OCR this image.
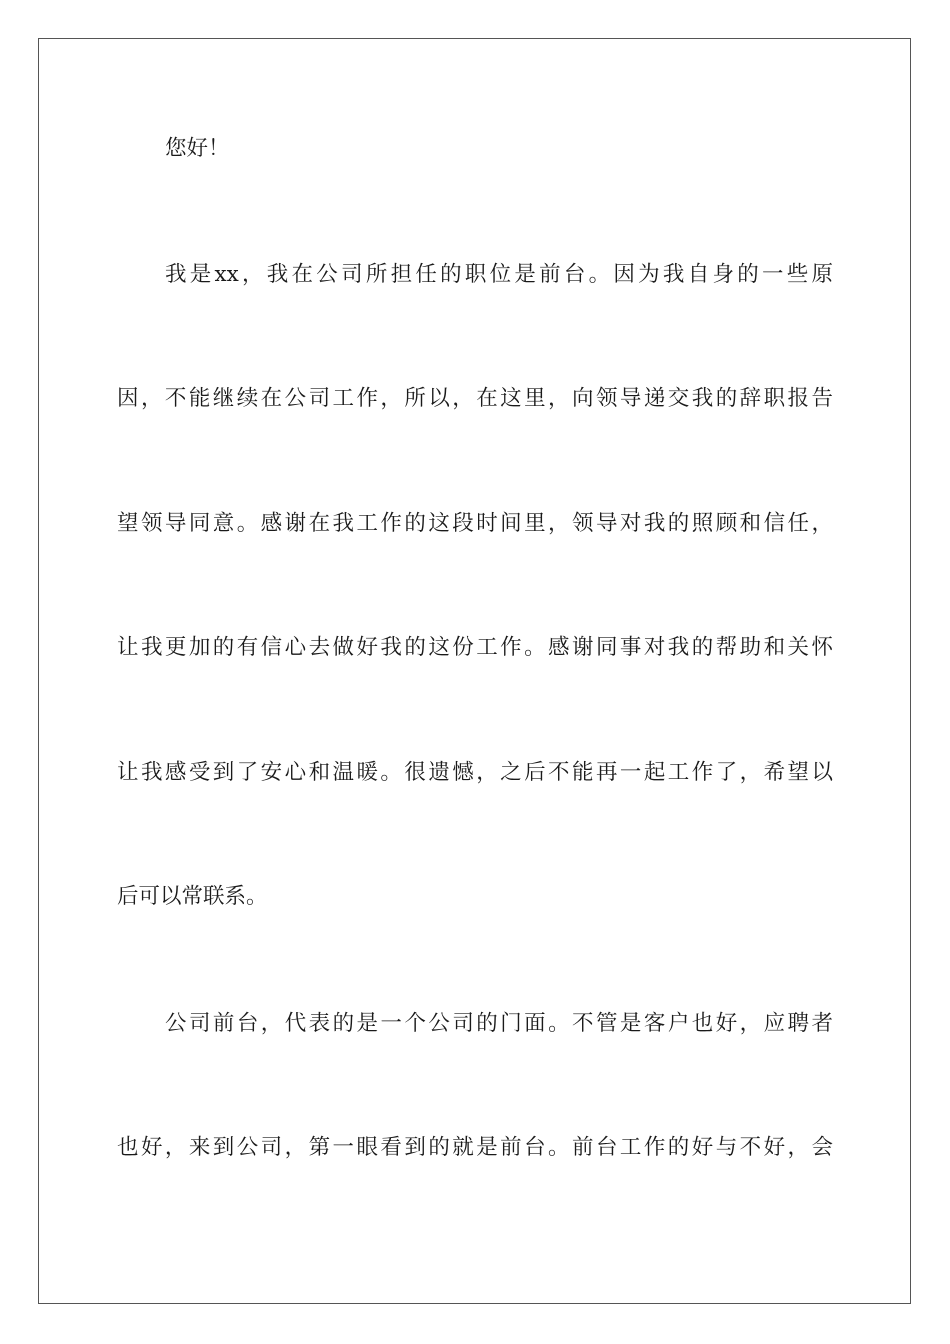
您好！
我是xx，我在公司所担任的职位是前台。因为我自身的一些原
因，不能继续在公司工作，所以，在这里，向领导递交我的辞职报告
望领导同意。感谢在我工作的这段时间里，领导对我的照顾和信任，
让我更加的有信心去做好我的这份工作。感谢同事对我的帮助和关怀
让我感受到了安心和温暖。很遗憾，之后不能再一起工作了，希望以
后可以常联系。
公司前台，代表的是一个公司的门面。不管是客户也好，应聘者
也好，来到公司，第一眼看到的就是前台。前台工作的好与不好，会
